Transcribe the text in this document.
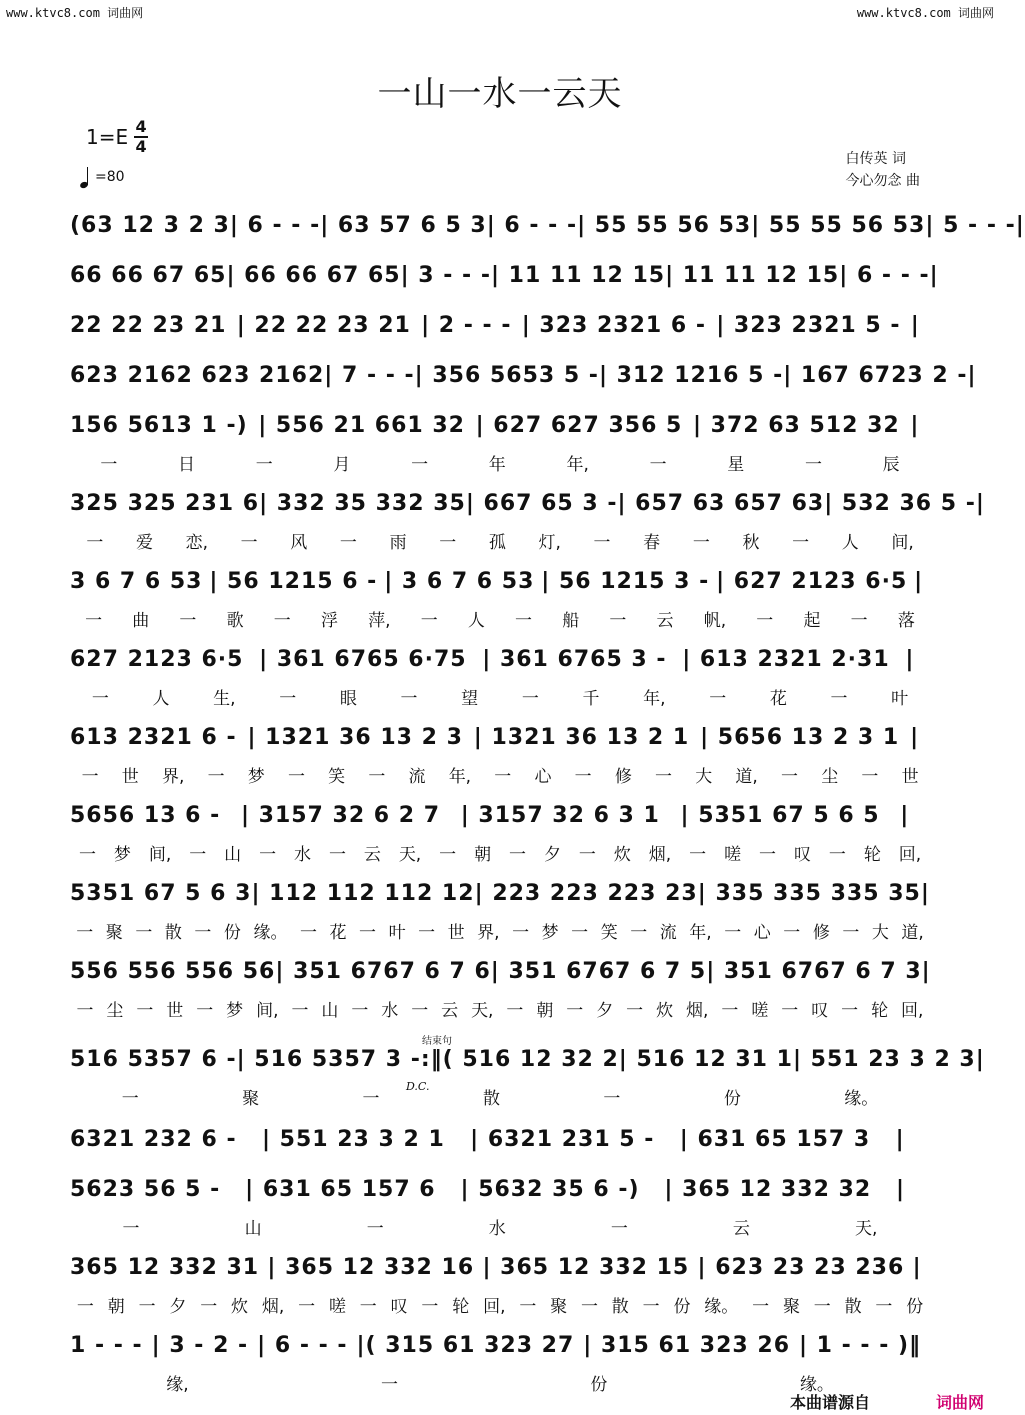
www.ktvc8.com 词曲网	www.ktvc8.com 词曲网
一山一水一云天
$1=E \frac{4}{4}$
=80
白传英 词
今心勿念 曲
(63 12 3 2 3 | 6 - - - | 63 57 6 5 3 | 6 - - - | 55 55 56 53 | 55 55 56 53 | 5 - - - |
66 66 67 65 | 66 66 67 65 | 3 - - - | 11 11 12 15 | 11 11 12 15 | 6 - - - |
22 22 23 21 | 22 22 23 21 | 2 - - - | 323 2321 6 - | 323 2321 5 - |
623 2162 623 2162 | 7 - - - | 356 5653 5 - | 312 1216 5 - | 167 6723 2 - |
156 5613 1 -) | 556 21 661 32 | 627 627 356 5 | 372 63 512 32 |
一	日	一	月	一	年	年,	一	星	一	辰
325 325 231 6 | 332 35 332 35 | 667 65 3 - | 657 63 657 63 | 532 36 5 - |
一	爱	恋,	一	风	一	雨	一	孤	灯,	一	春	一	秋	一	人	间,
3 6 7 6 53 | 56 1215 6 - | 3 6 7 6 53 | 56 1215 3 - | 627 2123 6·5 |
一	曲	一	歌	一	浮	萍,	一	人	一	船	一	云	帆,	一	起	一	落
627 2123 6·5 | 361 6765 6·75 | 361 6765 3 - | 613 2321 2·31 |
一	人	生,	一	眼	一	望	一	千	年,	一	花	一	叶
613 2321 6 - | 1321 36 13 2 3 | 1321 36 13 2 1 | 5656 13 2 3 1 |
一	世	界,	一	梦	一	笑	一	流	年,	一	心	一	修	一	大	道,	一	尘	一	世
5656 13 6 - | 3157 32 6 2 7 | 3157 32 6 3 1 | 5351 67 5 6 5 |
一	梦	间,	一	山	一	水	一	云	天,	一	朝	一	夕	一	炊	烟,	一	嗟	一	叹	一	轮	回,
5351 67 5 6 3 | 112 112 112 12 | 223 223 223 23 | 335 335 335 35 |
一 聚 一 散 一 份 缘。 一 花 一 叶 一 世 界, 一 梦 一 笑 一 流 年, 一 心 一 修 一 大 道,
556 556 556 56 | 351 6767 6 7 6 | 351 6767 6 7 5 | 351 6767 6 7 3 |
一 尘 一 世 一 梦 间, 一 山 一 水 一 云 天, 一 朝 一 夕 一 炊 烟, 一 嗟 一 叹 一 轮 回,
516 5357 6 - | 516 5357 3 -: ‖( 516 12 32 2 | 516 12 31 1 | 551 23 3 2 3 |
一	聚	一	散	一	份	缘。
6321 232 6 -	| 551 23 3 2 1	| 6321 231 5 -	| 631 65 157 3	|
5623 56 5 -	| 631 65 157 6	| 5632 35 6 -)	| 365 12 332 32	|
一	山	一	水	一	云	天,
365 12 332 31 | 365 12 332 16 | 365 12 332 15 | 623 23 23 236 |
一 朝 一 夕 一 炊 烟, 一 嗟 一 叹 一 轮 回, 一 聚 一 散 一 份 缘。 一 聚 一 散 一 份
1 - - - | 3 - 2 - | 6 - - - |( 315 61 323 27 | 315 61 323 26 | 1 - - - )‖
缘,	一	份	缘。
结束句
D.C.
本曲谱源自	词曲网
